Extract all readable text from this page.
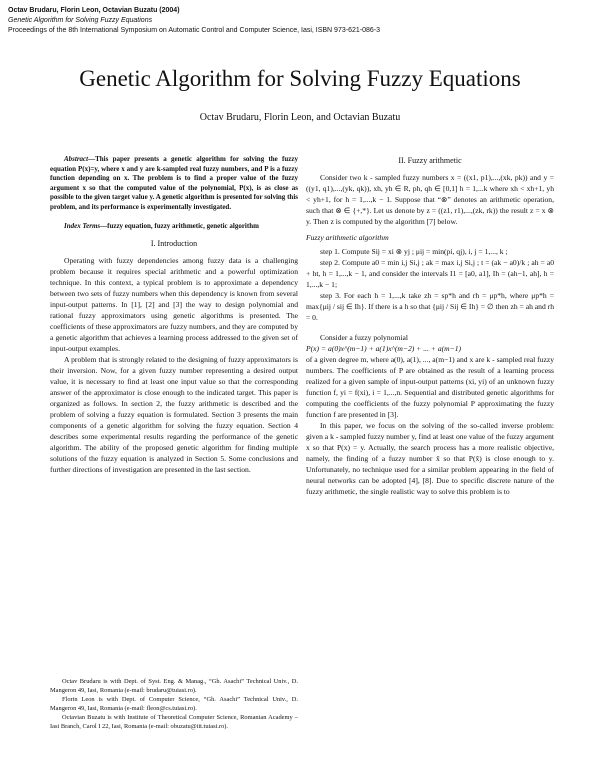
Octav Brudaru, Florin Leon, Octavian Buzatu (2004)
Genetic Algorithm for Solving Fuzzy Equations
Proceedings of the 8th International Symposium on Automatic Control and Computer Science, Iasi, ISBN 973-621-086-3
Genetic Algorithm for Solving Fuzzy Equations
Octav Brudaru, Florin Leon, and Octavian Buzatu

Abstract—This paper presents a genetic algorithm for solving the fuzzy equation P(x)=y, where x and y are k-sampled real fuzzy numbers, and P is a fuzzy function depending on x. The problem is to find a proper value of the fuzzy argument x so that the computed value of the polynomial, P(x), is as close as possible to the given target value y. A genetic algorithm is presented for solving this problem, and its performance is experimentally investigated.

Index Terms—fuzzy equation, fuzzy arithmetic, genetic algorithm

I. Introduction

Operating with fuzzy dependencies among fuzzy data is a challenging problem because it requires special arithmetic and a powerful optimization technique. In this context, a typical problem is to approximate a dependency between two sets of fuzzy numbers when this dependency is known from several input-output patterns. In [1], [2] and [3] the way to design polynomial and rational fuzzy approximators using genetic algorithms is presented. The coefficients of these approximators are fuzzy numbers, and they are computed by a genetic algorithm that achieves a learning process addressed to the given set of input-output examples.

A problem that is strongly related to the designing of fuzzy approximators is their inversion. Now, for a given fuzzy number representing a desired output value, it is necessary to find at least one input value so that the corresponding answer of the approximator is close enough to the indicated target. This paper is organized as follows. In section 2, the fuzzy arithmetic is described and the problem of solving a fuzzy equation is formulated. Section 3 presents the main components of a genetic algorithm for solving the fuzzy equation. Section 4 describes some experimental results regarding the performance of the genetic algorithm. The ability of the proposed genetic algorithm for finding multiple solutions of the fuzzy equation is analyzed in Section 5. Some conclusions and further directions of investigation are presented in the last section.

Octav Brudaru is with Dept. of Syst. Eng. & Manag., “Gh. Asachi” Technical Univ., D. Mangeron 49, Iasi, Romania (e-mail: brudaru@tuiasi.ro).

Florin Leon is with Dept. of Computer Science, “Gh. Asachi” Technical Univ., D. Mangeron 49, Iasi, Romania (e-mail: fleon@cs.tuiasi.ro).

Octavian Buzatu is with Institute of Theoretical Computer Science, Romanian Academy – Iasi Branch, Carol I 22, Iasi, Romania (e-mail: obuzatu@iit.tuiasi.ro).

II. Fuzzy arithmetic

Consider two k - sampled fuzzy numbers x = ((x1, p1),...,(xk, pk)) and y = ((y1, q1),...,(yk, qk)), xh, yh ∈ R, ph, qh ∈ [0,1] h = 1,...k where xh < xh+1, yh < yh+1, for h = 1,...,k − 1. Suppose that “⊗” denotes an arithmetic operation, such that ⊗ ∈ {+,*}. Let us denote by z = ((z1, r1),...,(zk, rk)) the result z = x ⊗ y. Then z is computed by the algorithm [7] below.

Fuzzy arithmetic algorithm

step 1. Compute Sij = xi ⊗ yj ; μij = min(pi, qj), i, j = 1,..., k ;

step 2. Compute a0 = min i,j Si,j ; ak = max i,j Si,j ; t = (ak − a0)/k ; ah = a0 + ht, h = 1,...,k − 1, and consider the intervals I1 = [a0, a1], Ih = (ah−1, ah], h = 1,...,k − 1;

step 3. For each h = 1,...,k take zh = sp*h and rh = μp*h, where μp*h = max{μij / sij ∈ Ih}. If there is a h so that {μij / Sij ∈ Ih} = ∅ then zh = ah and rh = 0.

Consider a fuzzy polynomial

P(x) = a(0)x^(m−1) + a(1)x^(m−2) + ... + a(m−1)

of a given degree m, where a(0), a(1), ..., a(m−1) and x are k - sampled real fuzzy numbers. The coefficients of P are obtained as the result of a learning process realized for a given sample of input-output patterns (xi, yi) of an unknown fuzzy function f, yi = f(xi), i = 1,...,n. Sequential and distributed genetic algorithms for computing the coefficients of the fuzzy polynomial P approximating the fuzzy function f are presented in [3].

In this paper, we focus on the solving of the so-called inverse problem: given a k - sampled fuzzy number y, find at least one value of the fuzzy argument x so that P(x) = y. Actually, the search process has a more realistic objective, namely, the finding of a fuzzy number x̃ so that P(x̃) is close enough to y. Unfortunately, no technique used for a similar problem appearing in the field of neural networks can be adopted [4], [8]. Due to specific discrete nature of the fuzzy arithmetic, the single realistic way to solve this problem is to
